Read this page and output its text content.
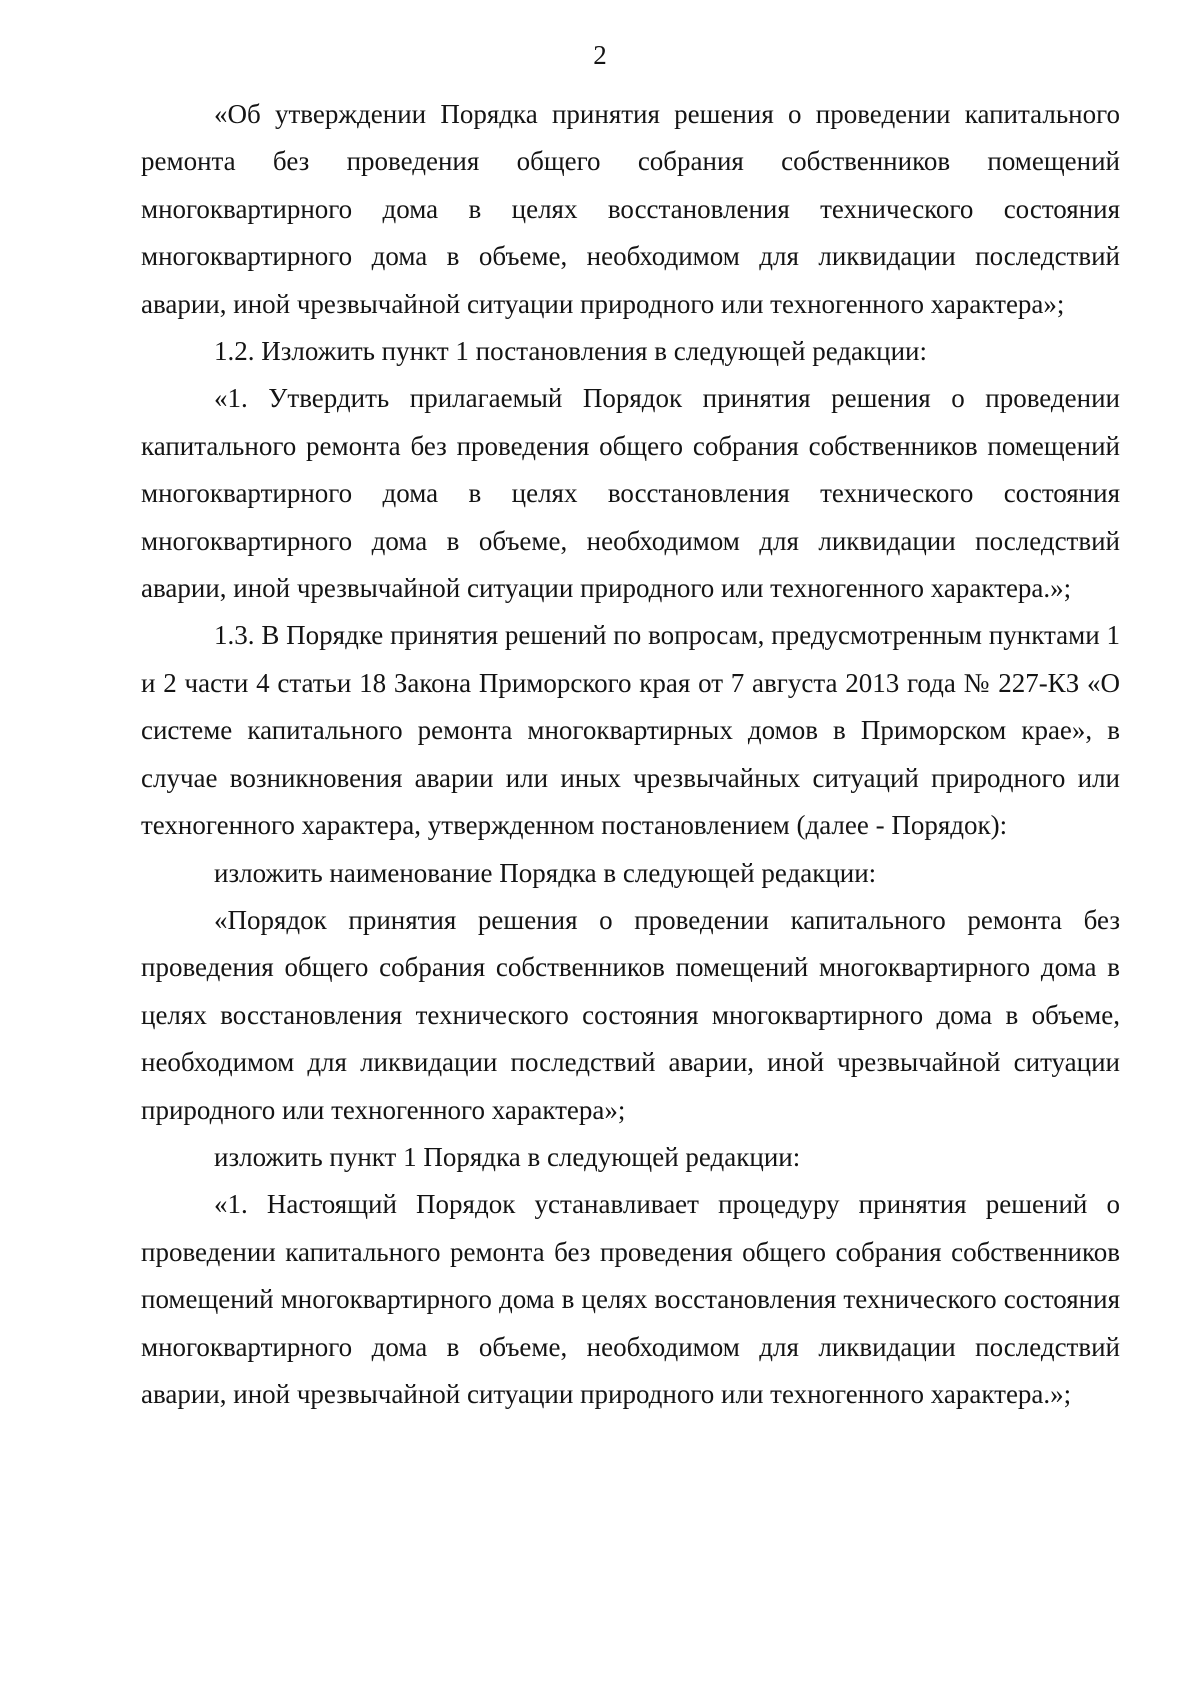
2

«Об утверждении Порядка принятия решения о проведении капитального ремонта без проведения общего собрания собственников помещений многоквартирного дома в целях восстановления технического состояния многоквартирного дома в объеме, необходимом для ликвидации последствий аварии, иной чрезвычайной ситуации природного или техногенного характера»;

1.2. Изложить пункт 1 постановления в следующей редакции:

«1. Утвердить прилагаемый Порядок принятия решения о проведении капитального ремонта без проведения общего собрания собственников помещений многоквартирного дома в целях восстановления технического состояния многоквартирного дома в объеме, необходимом для ликвидации последствий аварии, иной чрезвычайной ситуации природного или техногенного характера.»;

1.3. В Порядке принятия решений по вопросам, предусмотренным пунктами 1 и 2 части 4 статьи 18 Закона Приморского края от 7 августа 2013 года № 227-КЗ «О системе капитального ремонта многоквартирных домов в Приморском крае», в случае возникновения аварии или иных чрезвычайных ситуаций природного или техногенного характера, утвержденном постановлением (далее - Порядок):

изложить наименование Порядка в следующей редакции:

«Порядок принятия решения о проведении капитального ремонта без проведения общего собрания собственников помещений многоквартирного дома в целях восстановления технического состояния многоквартирного дома в объеме, необходимом для ликвидации последствий аварии, иной чрезвычайной ситуации природного или техногенного характера»;

изложить пункт 1 Порядка в следующей редакции:

«1. Настоящий Порядок устанавливает процедуру принятия решений о проведении капитального ремонта без проведения общего собрания собственников помещений многоквартирного дома в целях восстановления технического состояния многоквартирного дома в объеме, необходимом для ликвидации последствий аварии, иной чрезвычайной ситуации природного или техногенного характера.»;
